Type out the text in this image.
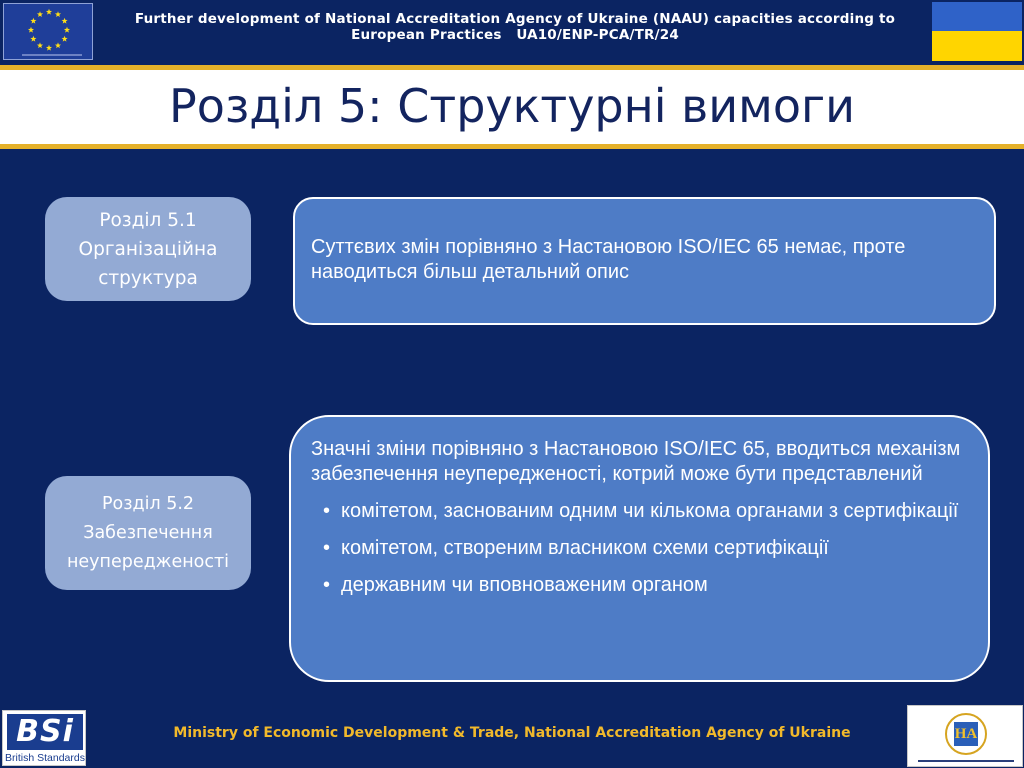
Further development of National Accreditation Agency of Ukraine (NAAU) capacities according to
European Practices   UA10/ENP-PCA/TR/24
Розділ 5: Структурні вимоги
Розділ 5.1
Організаційна
структура

Суттєвих змін порівняно з Настановою ISO/IEC 65 немає, проте наводиться більш детальний опис

Значні зміни порівняно з Настановою ISO/IEC 65, вводиться механізм забезпечення неупередженості, котрий може бути представлений

• комітетом, заснованим одним чи кількома органами з сертифікації
• комітетом, створеним власником схеми сертифікації
• державним чи вповноваженим органом
Розділ 5.2
Забезпечення
неупередженості
BSi
British Standards
Ministry of Economic Development & Trade, National Accreditation Agency of Ukraine	НА
